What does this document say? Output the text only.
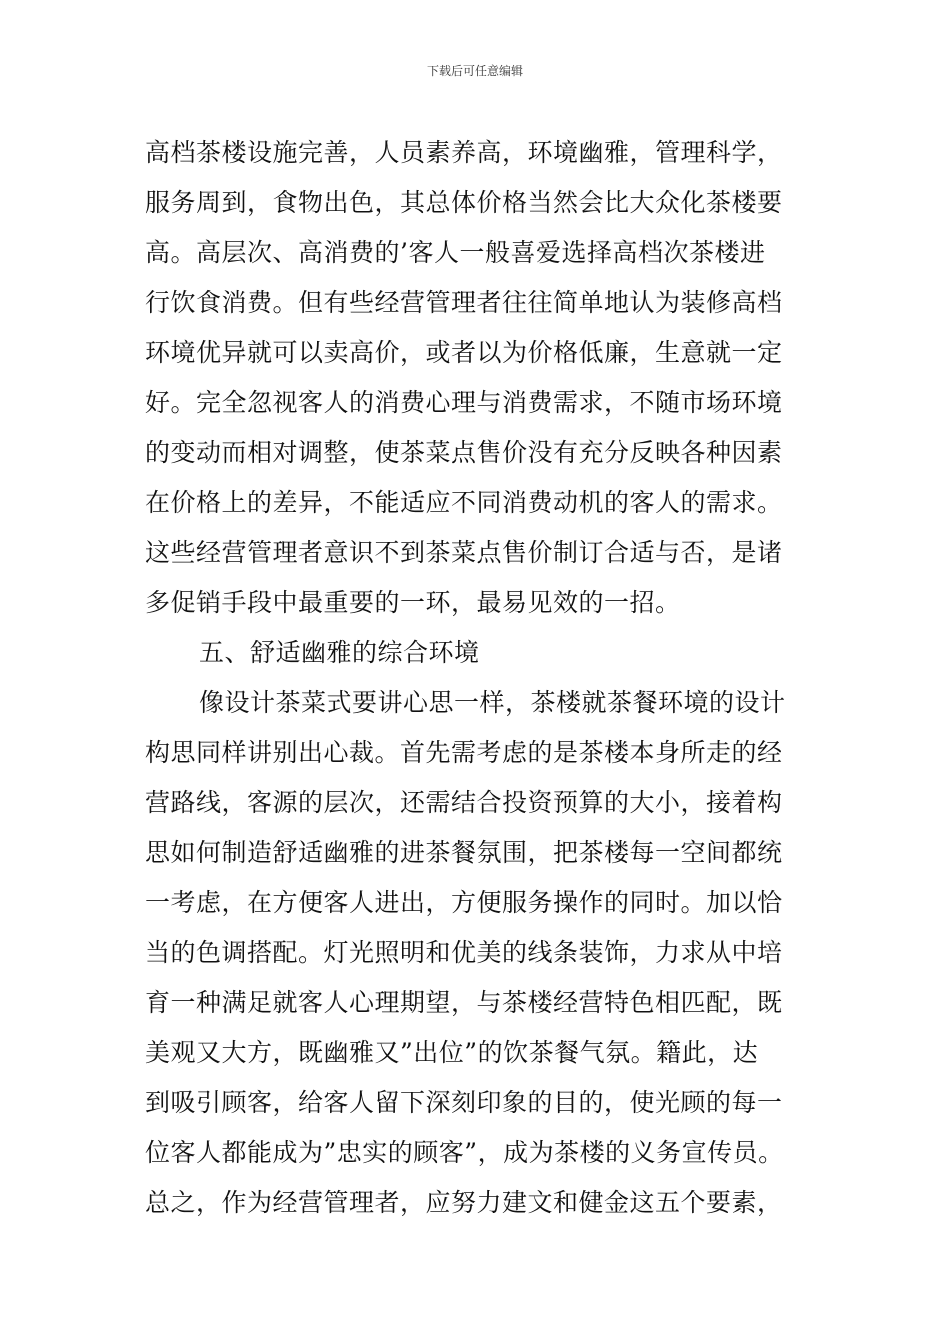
下载后可任意编辑
高档茶楼设施完善，人员素养高，环境幽雅，管理科学，
服务周到，食物出色，其总体价格当然会比大众化茶楼要
高。高层次、高消费的’客人一般喜爱选择高档次茶楼进
行饮食消费。但有些经营管理者往往简单地认为装修高档
环境优异就可以卖高价，或者以为价格低廉，生意就一定
好。完全忽视客人的消费心理与消费需求，不随市场环境
的变动而相对调整，使茶菜点售价没有充分反映各种因素
在价格上的差异，不能适应不同消费动机的客人的需求。
这些经营管理者意识不到茶菜点售价制订合适与否，是诸
多促销手段中最重要的一环，最易见效的一招。
五、舒适幽雅的综合环境
像设计茶菜式要讲心思一样，茶楼就茶餐环境的设计
构思同样讲别出心裁。首先需考虑的是茶楼本身所走的经
营路线，客源的层次，还需结合投资预算的大小，接着构
思如何制造舒适幽雅的进茶餐氛围，把茶楼每一空间都统
一考虑，在方便客人进出，方便服务操作的同时。加以恰
当的色调搭配。灯光照明和优美的线条装饰，力求从中培
育一种满足就客人心理期望，与茶楼经营特色相匹配，既
美观又大方，既幽雅又”出位”的饮茶餐气氛。籍此，达
到吸引顾客，给客人留下深刻印象的目的，使光顾的每一
位客人都能成为”忠实的顾客”，成为茶楼的义务宣传员。
总之，作为经营管理者，应努力建文和健金这五个要素，
